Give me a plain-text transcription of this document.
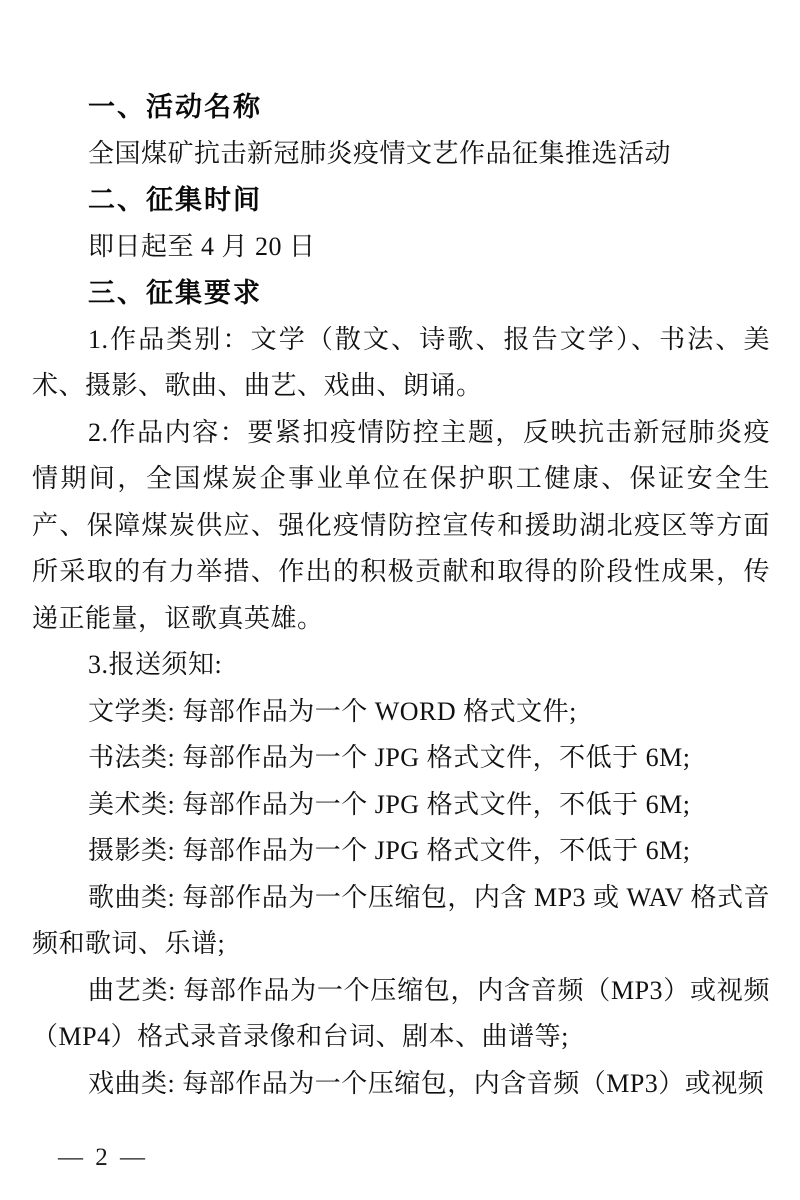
一、活动名称

全国煤矿抗击新冠肺炎疫情文艺作品征集推选活动

二、征集时间

即日起至 4 月 20 日

三、征集要求

1.作品类别：文学（散文、诗歌、报告文学）、书法、美术、摄影、歌曲、曲艺、戏曲、朗诵。

2.作品内容：要紧扣疫情防控主题，反映抗击新冠肺炎疫情期间，全国煤炭企事业单位在保护职工健康、保证安全生产、保障煤炭供应、强化疫情防控宣传和援助湖北疫区等方面所采取的有力举措、作出的积极贡献和取得的阶段性成果，传递正能量，讴歌真英雄。

3.报送须知:

文学类: 每部作品为一个 WORD 格式文件;

书法类: 每部作品为一个 JPG 格式文件，不低于 6M;

美术类: 每部作品为一个 JPG 格式文件，不低于 6M;

摄影类: 每部作品为一个 JPG 格式文件，不低于 6M;

歌曲类: 每部作品为一个压缩包，内含 MP3 或 WAV 格式音频和歌词、乐谱;

曲艺类: 每部作品为一个压缩包，内含音频（MP3）或视频（MP4）格式录音录像和台词、剧本、曲谱等;

戏曲类: 每部作品为一个压缩包，内含音频（MP3）或视频

— 2 —
